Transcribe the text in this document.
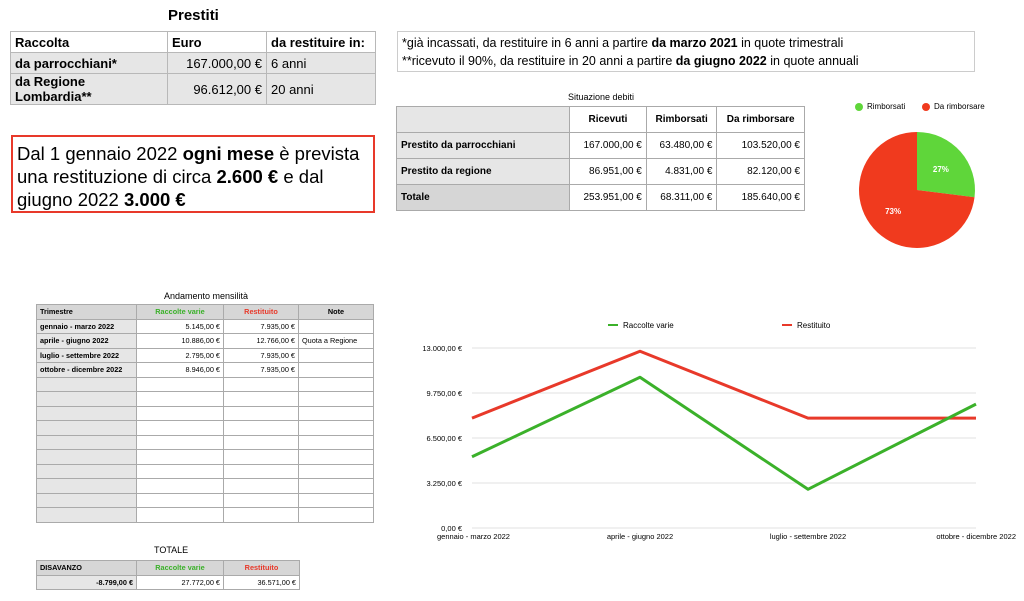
Prestiti
Raccolta	Euro	da restituire in:
da parrocchiani*	167.000,00 €	6 anni
da Regione Lombardia**	96.612,00 €	20 anni
*già incassati, da restituire in 6 anni a partire da marzo 2021 in quote trimestrali
**ricevuto il 90%, da restituire in 20 anni a partire da giugno 2022 in quote annuali
Dal 1 gennaio 2022 ogni mese è prevista una restituzione di circa 2.600 € e dal giugno 2022 3.000 €
Situazione debiti
	Ricevuti	Rimborsati	Da rimborsare
Prestito da parrocchiani	167.000,00 €	63.480,00 €	103.520,00 €
Prestito da regione	86.951,00 €	4.831,00 €	82.120,00 €
Totale	253.951,00 €	68.311,00 €	185.640,00 €
Rimborsati	Da rimborsare
27%
73%
Andamento mensilità
Trimestre	Raccolte varie	Restituito	Note
gennaio - marzo 2022	5.145,00 €	7.935,00 €	
aprile - giugno 2022	10.886,00 €	12.766,00 €	Quota a Regione
luglio - settembre 2022	2.795,00 €	7.935,00 €	
ottobre - dicembre 2022	8.946,00 €	7.935,00 €	

TOTALE
DISAVANZO	Raccolte varie	Restituito
-8.799,00 €	27.772,00 €	36.571,00 €
Raccolte varie	Restituito
0,00 €
3.250,00 €
6.500,00 €
9.750,00 €
13.000,00 €
gennaio - marzo 2022	aprile - giugno 2022	luglio - settembre 2022	ottobre - dicembre 2022
